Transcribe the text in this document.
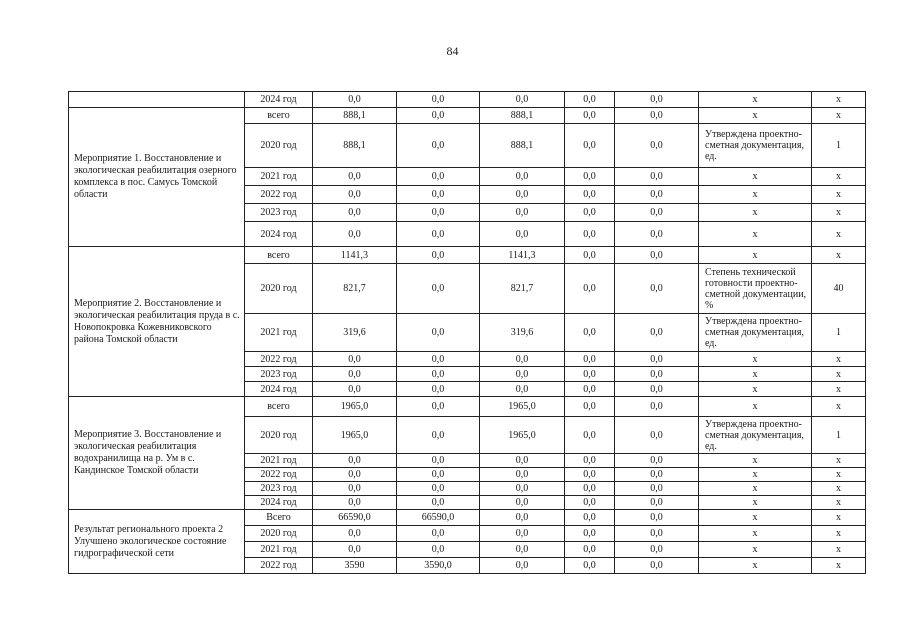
84
	2024 год	0,0	0,0	0,0	0,0	0,0	х	х
Мероприятие 1. Восстановление и экологическая реабилитация озерного комплекса в пос. Самусь Томской области	всего	888,1	0,0	888,1	0,0	0,0	х	х
	2020 год	888,1	0,0	888,1	0,0	0,0	Утверждена проектно-сметная документация, ед.	1
	2021 год	0,0	0,0	0,0	0,0	0,0	х	х
	2022 год	0,0	0,0	0,0	0,0	0,0	х	х
	2023 год	0,0	0,0	0,0	0,0	0,0	х	х
	2024 год	0,0	0,0	0,0	0,0	0,0	х	х
Мероприятие 2. Восстановление и экологическая реабилитация пруда в с. Новопокровка Кожевниковского района Томской области	всего	1141,3	0,0	1141,3	0,0	0,0	х	х
	2020 год	821,7	0,0	821,7	0,0	0,0	Степень технической готовности проектно-сметной документации, %	40
	2021 год	319,6	0,0	319,6	0,0	0,0	Утверждена проектно-сметная документация, ед.	1
	2022 год	0,0	0,0	0,0	0,0	0,0	х	х
	2023 год	0,0	0,0	0,0	0,0	0,0	х	х
	2024 год	0,0	0,0	0,0	0,0	0,0	х	х
Мероприятие 3. Восстановление и экологическая реабилитация водохранилища на р. Ум в с. Кандинское Томской области	всего	1965,0	0,0	1965,0	0,0	0,0	х	х
	2020 год	1965,0	0,0	1965,0	0,0	0,0	Утверждена проектно-сметная документация, ед.	1
	2021 год	0,0	0,0	0,0	0,0	0,0	х	х
	2022 год	0,0	0,0	0,0	0,0	0,0	х	х
	2023 год	0,0	0,0	0,0	0,0	0,0	х	х
	2024 год	0,0	0,0	0,0	0,0	0,0	х	х
Результат регионального проекта 2 Улучшено экологическое состояние гидрографической сети	Всего	66590,0	66590,0	0,0	0,0	0,0	х	х
	2020 год	0,0	0,0	0,0	0,0	0,0	х	х
	2021 год	0,0	0,0	0,0	0,0	0,0	х	х
	2022 год	3590	3590,0	0,0	0,0	0,0	х	х
